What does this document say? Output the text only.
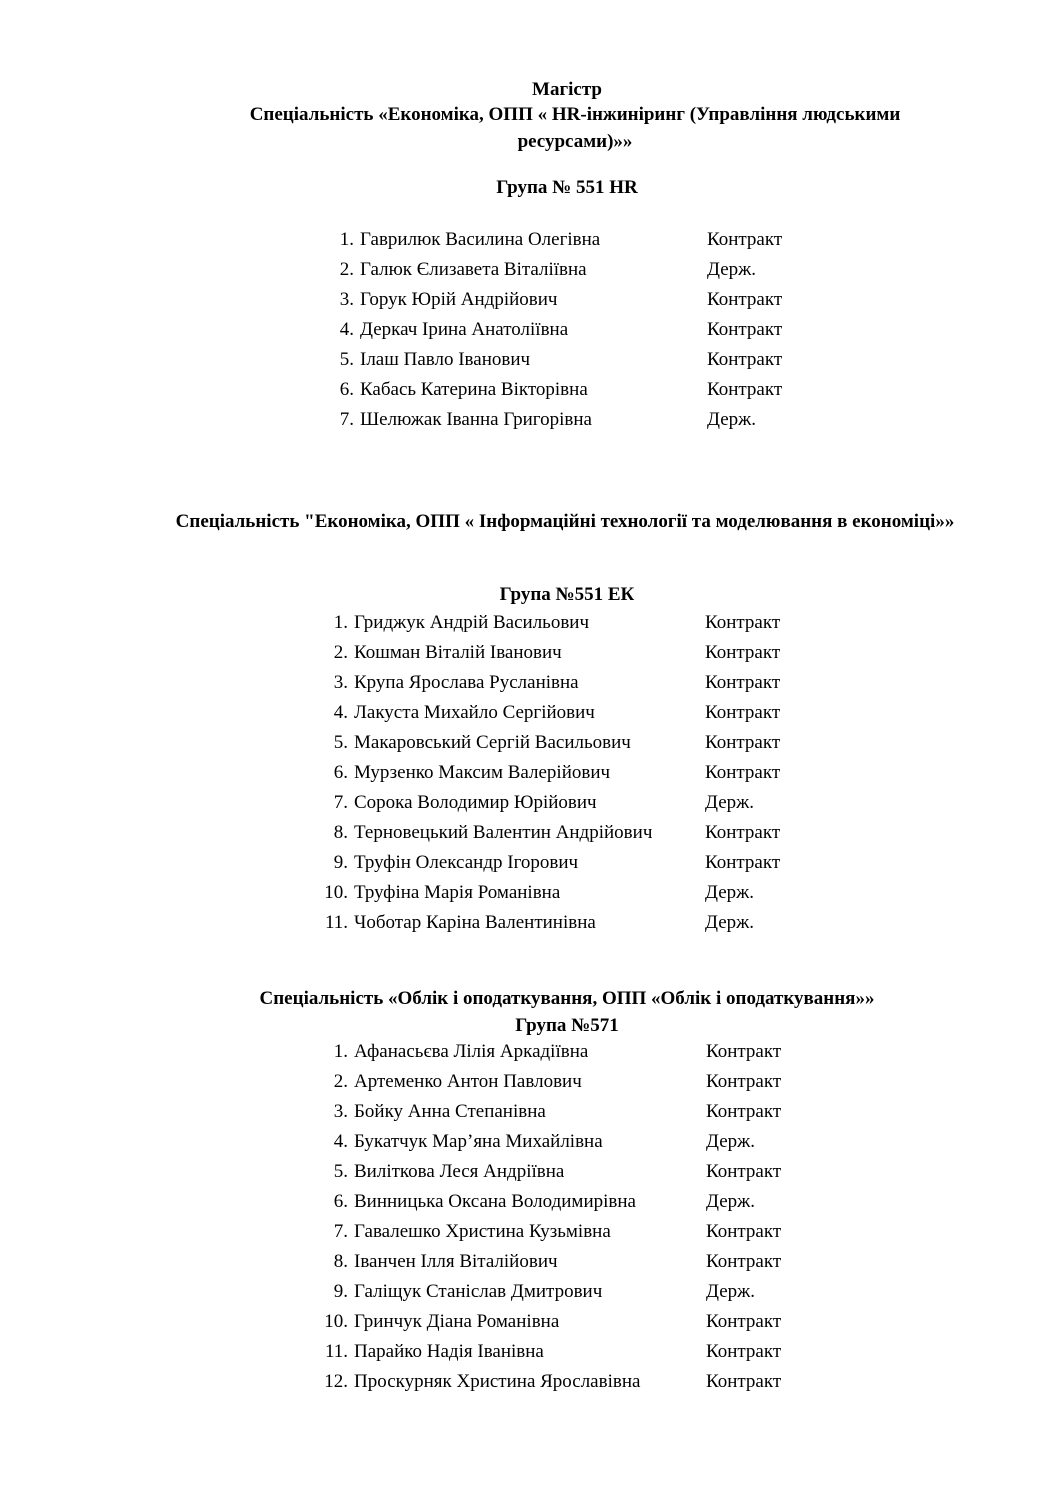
Магістр

Спеціальність «Економіка, ОПП « HR-інжиніринг (Управління людськими ресурсами)»»

Група № 551 HR

1. Гаврилюк Василина Олегівна	Контракт
2. Галюк Єлизавета Віталіївна	Держ.
3. Горук Юрій Андрійович	Контракт
4. Деркач Ірина Анатоліївна	Контракт
5. Ілаш Павло Іванович	Контракт
6. Кабась Катерина Вікторівна	Контракт
7. Шелюжак Іванна Григорівна	Держ.

Спеціальність "Економіка, ОПП « Інформаційні технології та моделювання в економіці»»

Група №551 ЕК

1. Гриджук Андрій Васильович	Контракт
2. Кошман Віталій Іванович	Контракт
3. Крупа Ярослава Русланівна	Контракт
4. Лакуста Михайло Сергійович	Контракт
5. Макаровський Сергій Васильович	Контракт
6. Мурзенко Максим Валерійович	Контракт
7. Сорока Володимир Юрійович	Держ.
8. Терновецький Валентин Андрійович	Контракт
9. Труфін Олександр Ігорович	Контракт
10. Труфіна Марія Романівна	Держ.
11. Чоботар Каріна Валентинівна	Держ.

Спеціальність «Облік і оподаткування, ОПП «Облік і оподаткування»»

Група №571

1. Афанасьєва Лілія Аркадіївна	Контракт
2. Артеменко Антон Павлович	Контракт
3. Бойку Анна Степанівна	Контракт
4. Букатчук Мар’яна Михайлівна	Держ.
5. Виліткова Леся Андріївна	Контракт
6. Винницька Оксана Володимирівна	Держ.
7. Гавалешко Христина Кузьмівна	Контракт
8. Іванчен Ілля Віталійович	Контракт
9. Галіщук Станіслав Дмитрович	Держ.
10. Гринчук Діана Романівна	Контракт
11. Парайко Надія Іванівна	Контракт
12. Проскурняк Христина Ярославівна	Контракт
